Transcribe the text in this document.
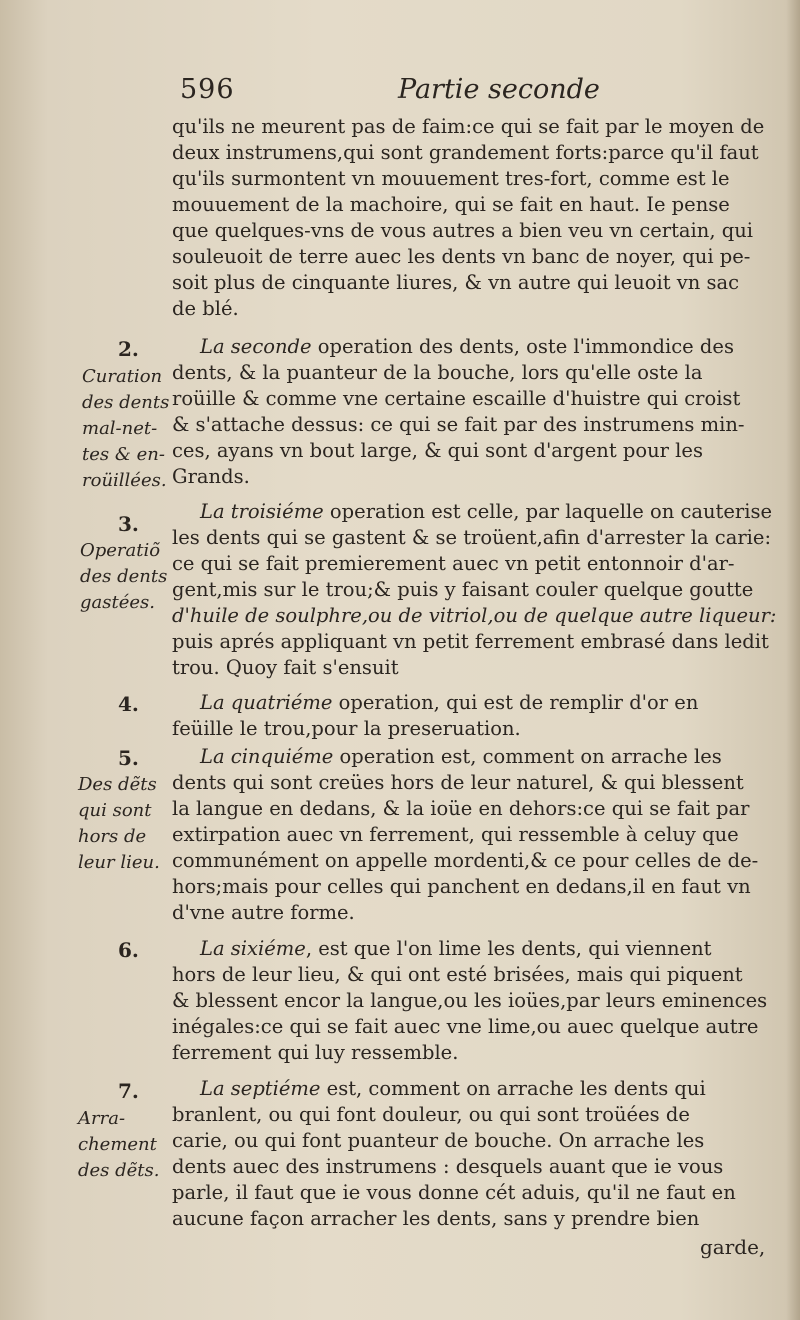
596	Partie seconde
qu'ils ne meurent pas de faim:ce qui se fait par le moyen de
deux instrumens,qui sont grandement forts:parce qu'il faut
qu'ils surmontent vn mouuement tres-fort, comme est le
mouuement de la machoire, qui se fait en haut. Ie pense
que quelques-vns de vous autres a bien veu vn certain, qui
souleuoit de terre auec les dents vn banc de noyer, qui pe-
soit plus de cinquante liures, & vn autre qui leuoit vn sac
de blé.
2.
Curation
des dents
mal-net-
tes & en-
roüillées.
La seconde operation des dents, oste l'immondice des
dents, & la puanteur de la bouche, lors qu'elle oste la
roüille & comme vne certaine escaille d'huistre qui croist
& s'attache dessus: ce qui se fait par des instrumens min-
ces, ayans vn bout large, & qui sont d'argent pour les
Grands.
3.
Operatiõ
des dents
gastées.
La troisiéme operation est celle, par laquelle on cauterise
les dents qui se gastent & se troüent,afin d'arrester la carie:
ce qui se fait premierement auec vn petit entonnoir d'ar-
gent,mis sur le trou;& puis y faisant couler quelque goutte
d'huile de soulphre,ou de vitriol,ou de quelque autre liqueur:
puis aprés appliquant vn petit ferrement embrasé dans ledit
trou. Quoy fait s'ensuit
4.	La quatriéme operation, qui est de remplir d'or en
feüille le trou,pour la preseruation.
5.
Des dẽts
qui sont
hors de
leur lieu.
La cinquiéme operation est, comment on arrache les
dents qui sont creües hors de leur naturel, & qui blessent
la langue en dedans, & la ioüe en dehors:ce qui se fait par
extirpation auec vn ferrement, qui ressemble à celuy que
communément on appelle mordenti,& ce pour celles de de-
hors;mais pour celles qui panchent en dedans,il en faut vn
d'vne autre forme.
6.	La sixiéme, est que l'on lime les dents, qui viennent
hors de leur lieu, & qui ont esté brisées, mais qui piquent
& blessent encor la langue,ou les ioües,par leurs eminences
inégales:ce qui se fait auec vne lime,ou auec quelque autre
ferrement qui luy ressemble.
7.
Arra-
chement
des dẽts.
La septiéme est, comment on arrache les dents qui
branlent, ou qui font douleur, ou qui sont troüées de
carie, ou qui font puanteur de bouche. On arrache les
dents auec des instrumens : desquels auant que ie vous
parle, il faut que ie vous donne cét aduis, qu'il ne faut en
aucune façon arracher les dents, sans y prendre bien
garde,
